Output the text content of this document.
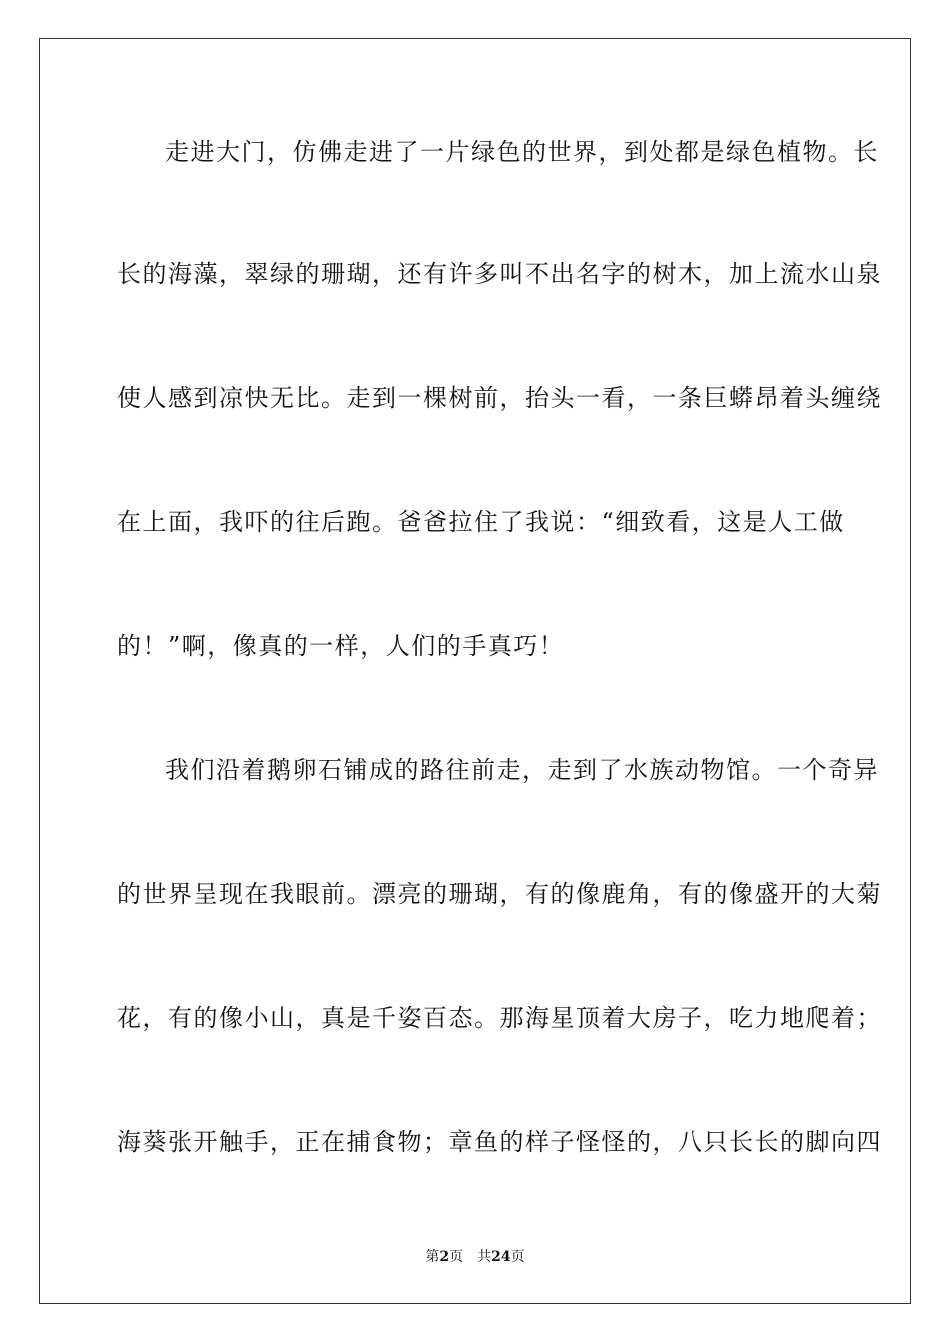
走进大门，仿佛走进了一片绿色的世界，到处都是绿色植物。长
长的海藻，翠绿的珊瑚，还有许多叫不出名字的树木，加上流水山泉
使人感到凉快无比。走到一棵树前，抬头一看，一条巨蟒昂着头缠绕
在上面，我吓的往后跑。爸爸拉住了我说：“细致看，这是人工做
的！”啊，像真的一样，人们的手真巧！
我们沿着鹅卵石铺成的路往前走，走到了水族动物馆。一个奇异
的世界呈现在我眼前。漂亮的珊瑚，有的像鹿角，有的像盛开的大菊
花，有的像小山，真是千姿百态。那海星顶着大房子，吃力地爬着；
海葵张开触手，正在捕食物；章鱼的样子怪怪的，八只长长的脚向四
第2页 共24页
